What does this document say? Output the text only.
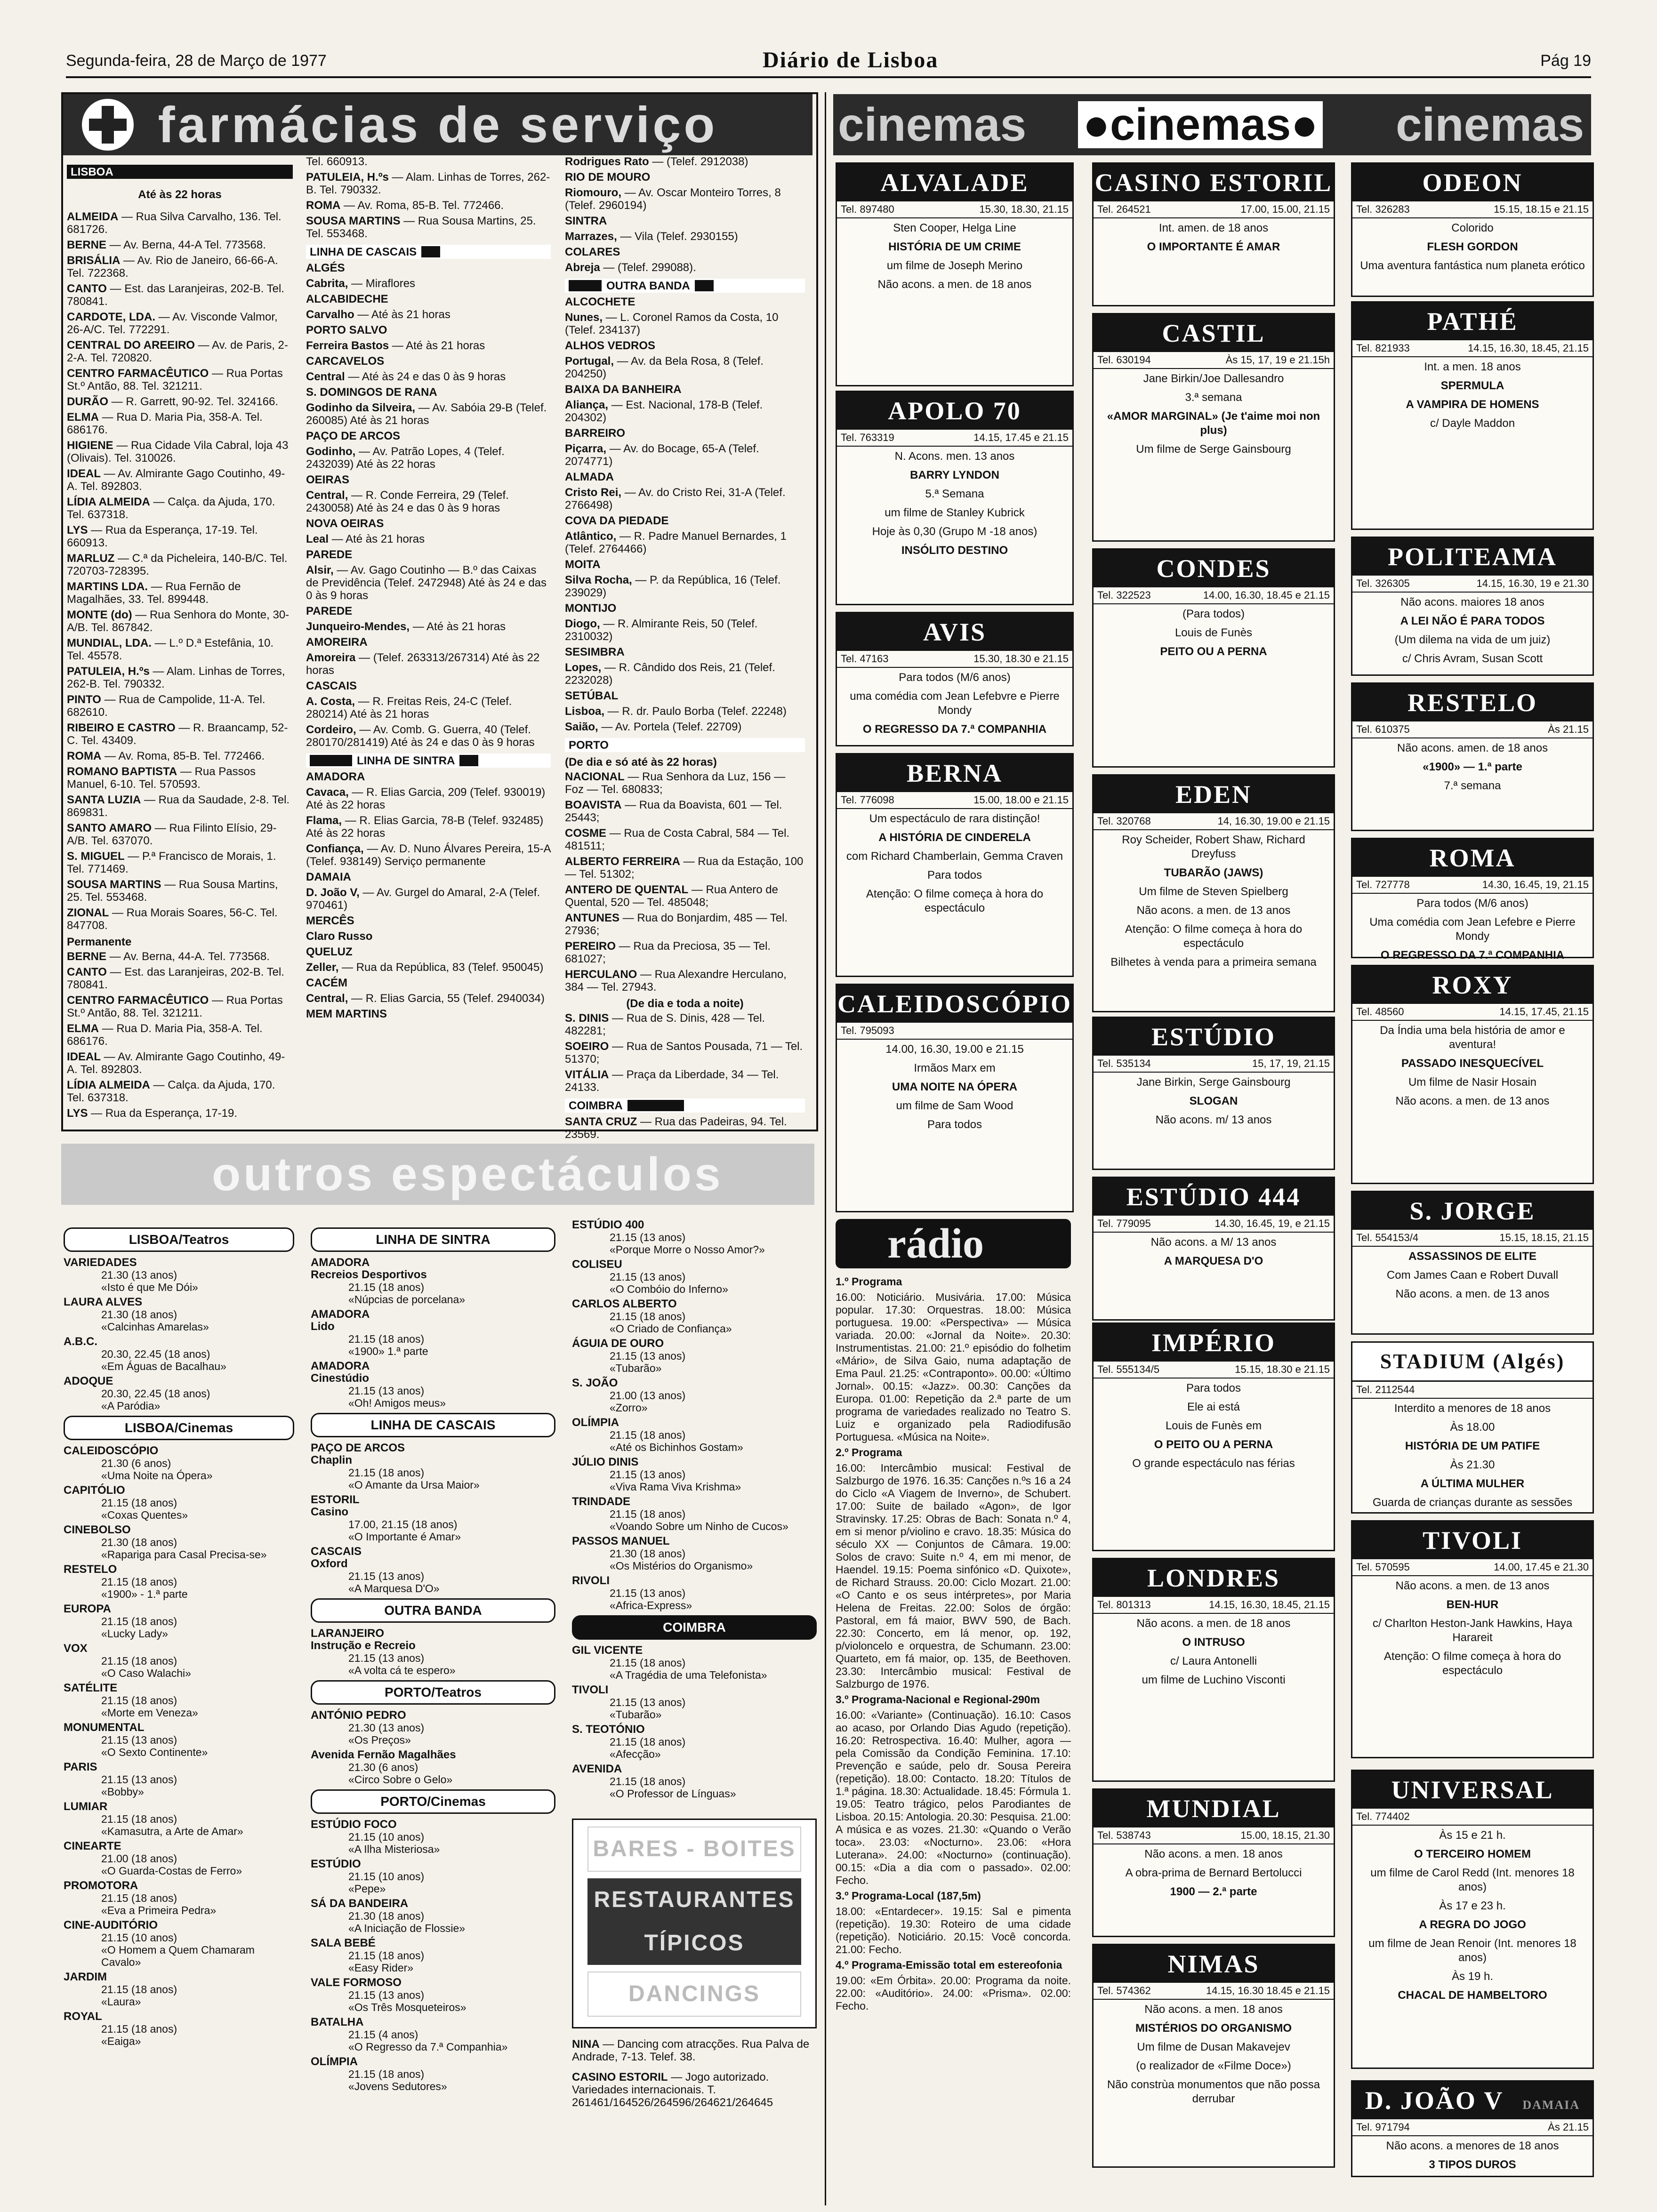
Segunda-feira, 28 de Março de 1977	Diário de Lisboa	Pág 19
farmácias de serviço
LISBOA
Até às 22 horas
ALMEIDA — Rua Silva Carvalho, 136. Tel. 681726.
BERNE — Av. Berna, 44-A Tel. 773568.
BRISÁLIA — Av. Rio de Janeiro, 66-66-A. Tel. 722368.
CANTO — Est. das Laranjeiras, 202-B. Tel. 780841.
CARDOTE, LDA. — Av. Visconde Valmor, 26-A/C. Tel. 772291.
CENTRAL DO AREEIRO — Av. de Paris, 2-2-A. Tel. 720820.
CENTRO FARMACÊUTICO — Rua Portas St.º Antão, 88. Tel. 321211.
DURÃO — R. Garrett, 90-92. Tel. 324166.
ELMA — Rua D. Maria Pia, 358-A. Tel. 686176.
HIGIENE — Rua Cidade Vila Cabral, loja 43 (Olivais). Tel. 310026.
IDEAL — Av. Almirante Gago Coutinho, 49-A. Tel. 892803.
LÍDIA ALMEIDA — Calça. da Ajuda, 170. Tel. 637318.
LYS — Rua da Esperança, 17-19. Tel. 660913.
MARLUZ — C.ª da Picheleira, 140-B/C. Tel. 720703-728395.
MARTINS LDA. — Rua Fernão de Magalhães, 33. Tel. 899448.
MONTE (do) — Rua Senhora do Monte, 30-A/B. Tel. 867842.
MUNDIAL, LDA. — L.º D.ª Estefânia, 10. Tel. 45578.
PATULEIA, H.ºs — Alam. Linhas de Torres, 262-B. Tel. 790332.
PINTO — Rua de Campolide, 11-A. Tel. 682610.
RIBEIRO E CASTRO — R. Braancamp, 52-C. Tel. 43409.
ROMA — Av. Roma, 85-B. Tel. 772466.
ROMANO BAPTISTA — Rua Passos Manuel, 6-10. Tel. 570593.
SANTA LUZIA — Rua da Saudade, 2-8. Tel. 869831.
SANTO AMARO — Rua Filinto Elísio, 29-A/B. Tel. 637070.
S. MIGUEL — P.ª Francisco de Morais, 1. Tel. 771469.
SOUSA MARTINS — Rua Sousa Martins, 25. Tel. 553468.
ZIONAL — Rua Morais Soares, 56-C. Tel. 847708.
Permanente
BERNE — Av. Berna, 44-A. Tel. 773568.
CANTO — Est. das Laranjeiras, 202-B. Tel. 780841.
CENTRO FARMACÊUTICO — Rua Portas St.º Antão, 88. Tel. 321211.
ELMA — Rua D. Maria Pia, 358-A. Tel. 686176.
IDEAL — Av. Almirante Gago Coutinho, 49-A. Tel. 892803.
LÍDIA ALMEIDA — Calça. da Ajuda, 170. Tel. 637318.
LYS — Rua da Esperança, 17-19.
Tel. 660913.
PATULEIA, H.ºs — Alam. Linhas de Torres, 262-B. Tel. 790332.
ROMA — Av. Roma, 85-B. Tel. 772466.
SOUSA MARTINS — Rua Sousa Martins, 25. Tel. 553468.
LINHA DE CASCAIS
ALGÉS
Cabrita, — Miraflores
ALCABIDECHE
Carvalho — Até às 21 horas
PORTO SALVO
Ferreira Bastos — Até às 21 horas
CARCAVELOS
Central — Até às 24 e das 0 às 9 horas
S. DOMINGOS DE RANA
Godinho da Silveira, — Av. Sabóia 29-B (Telef. 260085) Até às 21 horas
PAÇO DE ARCOS
Godinho, — Av. Patrão Lopes, 4 (Telef. 2432039) Até às 22 horas
OEIRAS
Central, — R. Conde Ferreira, 29 (Telef. 2430058) Até às 24 e das 0 às 9 horas
NOVA OEIRAS
Leal — Até às 21 horas
PAREDE
Alsir, — Av. Gago Coutinho — B.º das Caixas de Previdência (Telef. 2472948) Até às 24 e das 0 às 9 horas
PAREDE
Junqueiro-Mendes, — Até às 21 horas
AMOREIRA
Amoreira — (Telef. 263313/267314) Até às 22 horas
CASCAIS
A. Costa, — R. Freitas Reis, 24-C (Telef. 280214) Até às 21 horas
Cordeiro, — Av. Comb. G. Guerra, 40 (Telef. 280170/281419) Até às 24 e das 0 às 9 horas
LINHA DE SINTRA
AMADORA
Cavaca, — R. Elias Garcia, 209 (Telef. 930019) Até às 22 horas
Flama, — R. Elias Garcia, 78-B (Telef. 932485) Até às 22 horas
Confiança, — Av. D. Nuno Álvares Pereira, 15-A (Telef. 938149) Serviço permanente
DAMAIA
D. João V, — Av. Gurgel do Amaral, 2-A (Telef. 970461)
MERCÊS
Claro Russo
QUELUZ
Zeller, — Rua da República, 83 (Telef. 950045)
CACÉM
Central, — R. Elias Garcia, 55 (Telef. 2940034)
MEM MARTINS
Rodrigues Rato — (Telef. 2912038)
RIO DE MOURO
Riomouro, — Av. Oscar Monteiro Torres, 8 (Telef. 2960194)
SINTRA
Marrazes, — Vila (Telef. 2930155)
COLARES
Abreja — (Telef. 299088).
OUTRA BANDA
ALCOCHETE
Nunes, — L. Coronel Ramos da Costa, 10 (Telef. 234137)
ALHOS VEDROS
Portugal, — Av. da Bela Rosa, 8 (Telef. 204250)
BAIXA DA BANHEIRA
Aliança, — Est. Nacional, 178-B (Telef. 204302)
BARREIRO
Piçarra, — Av. do Bocage, 65-A (Telef. 2074771)
ALMADA
Cristo Rei, — Av. do Cristo Rei, 31-A (Telef. 2766498)
COVA DA PIEDADE
Atlântico, — R. Padre Manuel Bernardes, 1 (Telef. 2764466)
MOITA
Silva Rocha, — P. da República, 16 (Telef. 239029)
MONTIJO
Diogo, — R. Almirante Reis, 50 (Telef. 2310032)
SESIMBRA
Lopes, — R. Cândido dos Reis, 21 (Telef. 2232028)
SETÚBAL
Lisboa, — R. dr. Paulo Borba (Telef. 22248)
Saião, — Av. Portela (Telef. 22709)
PORTO
(De dia e só até às 22 horas)
NACIONAL — Rua Senhora da Luz, 156 — Foz — Tel. 680833;
BOAVISTA — Rua da Boavista, 601 — Tel. 25443;
COSME — Rua de Costa Cabral, 584 — Tel. 481511;
ALBERTO FERREIRA — Rua da Estação, 100 — Tel. 51302;
ANTERO DE QUENTAL — Rua Antero de Quental, 520 — Tel. 485048;
ANTUNES — Rua do Bonjardim, 485 — Tel. 27936;
PEREIRO — Rua da Preciosa, 35 — Tel. 681027;
HERCULANO — Rua Alexandre Herculano, 384 — Tel. 27943.
(De dia e toda a noite)
S. DINIS — Rua de S. Dinis, 428 — Tel. 482281;
SOEIRO — Rua de Santos Pousada, 71 — Tel. 51370;
VITÁLIA — Praça da Liberdade, 34 — Tel. 24133.
COIMBRA
SANTA CRUZ — Rua das Padeiras, 94. Tel. 23569.
outros espectáculos
LISBOA/Teatros
VARIEDADES
21.30 (13 anos)
«Isto é que Me Dói»
LAURA ALVES
21.30 (18 anos)
«Calcinhas Amarelas»
A.B.C.
20.30, 22.45 (18 anos)
«Em Águas de Bacalhau»
ADOQUE
20.30, 22.45 (18 anos)
«A Paródia»
LISBOA/Cinemas
CALEIDOSCÓPIO
21.30 (6 anos)
«Uma Noite na Ópera»
CAPITÓLIO
21.15 (18 anos)
«Coxas Quentes»
CINEBOLSO
21.30 (18 anos)
«Rapariga para Casal Precisa-se»
RESTELO
21.15 (18 anos)
«1900» - 1.ª parte
EUROPA
21.15 (18 anos)
«Lucky Lady»
VOX
21.15 (18 anos)
«O Caso Walachi»
SATÉLITE
21.15 (18 anos)
«Morte em Veneza»
MONUMENTAL
21.15 (13 anos)
«O Sexto Continente»
PARIS
21.15 (13 anos)
«Bobby»
LUMIAR
21.15 (18 anos)
«Kamasutra, a Arte de Amar»
CINEARTE
21.00 (18 anos)
«O Guarda-Costas de Ferro»
PROMOTORA
21.15 (18 anos)
«Eva a Primeira Pedra»
CINE-AUDITÓRIO
21.15 (10 anos)
«O Homem a Quem Chamaram Cavalo»
JARDIM
21.15 (18 anos)
«Laura»
ROYAL
21.15 (18 anos)
«Eaiga»
LINHA DE SINTRA
AMADORA
Recreios Desportivos
21.15 (18 anos)
«Núpcias de porcelana»
AMADORA
Lido
21.15 (18 anos)
«1900» 1.ª parte
AMADORA
Cinestúdio
21.15 (13 anos)
«Oh! Amigos meus»
LINHA DE CASCAIS
PAÇO DE ARCOS
Chaplin
21.15 (18 anos)
«O Amante da Ursa Maior»
ESTORIL
Casino
17.00, 21.15 (18 anos)
«O Importante é Amar»
CASCAIS
Oxford
21.15 (13 anos)
«A Marquesa D'O»
OUTRA BANDA
LARANJEIRO
Instrução e Recreio
21.15 (13 anos)
«A volta cá te espero»
PORTO/Teatros
ANTÓNIO PEDRO
21.30 (13 anos)
«Os Preços»
Avenida Fernão Magalhães
21.30 (6 anos)
«Circo Sobre o Gelo»
PORTO/Cinemas
ESTÚDIO FOCO
21.15 (10 anos)
«A Ilha Misteriosa»
ESTÚDIO
21.15 (10 anos)
«Pepe»
SÁ DA BANDEIRA
21.30 (18 anos)
«A Iniciação de Flossie»
SALA BEBÉ
21.15 (18 anos)
«Easy Rider»
VALE FORMOSO
21.15 (13 anos)
«Os Três Mosqueteiros»
BATALHA
21.15 (4 anos)
«O Regresso da 7.ª Companhia»
OLÍMPIA
21.15 (18 anos)
«Jovens Sedutores»
ESTÚDIO 400
21.15 (13 anos)
«Porque Morre o Nosso Amor?»
COLISEU
21.15 (13 anos)
«O Combóio do Inferno»
CARLOS ALBERTO
21.15 (18 anos)
«O Criado de Confiança»
ÁGUIA DE OURO
21.15 (13 anos)
«Tubarão»
S. JOÃO
21.00 (13 anos)
«Zorro»
OLÍMPIA
21.15 (18 anos)
«Até os Bichinhos Gostam»
JÚLIO DINIS
21.15 (13 anos)
«Viva Rama Viva Krishma»
TRINDADE
21.15 (18 anos)
«Voando Sobre um Ninho de Cucos»
PASSOS MANUEL
21.30 (18 anos)
«Os Mistérios do Organismo»
RIVOLI
21.15 (13 anos)
«Africa-Express»
COIMBRA
GIL VICENTE
21.15 (18 anos)
«A Tragédia de uma Telefonista»
TIVOLI
21.15 (13 anos)
«Tubarão»
S. TEOTÓNIO
21.15 (18 anos)
«Afecção»
AVENIDA
21.15 (18 anos)
«O Professor de Línguas»
BARES - BOITES
RESTAURANTES
TÍPICOS
DANCINGS
NINA — Dancing com atracções. Rua Palva de Andrade, 7-13. Telef. 38.
CASINO ESTORIL — Jogo autorizado. Variedades internacionais. T. 261461/164526/264596/264621/264645
cinemas ●cinemas● cinemas
ALVALADE
Tel. 897480	15.30, 18.30, 21.15
Sten Cooper, Helga Line
HISTÓRIA DE UM CRIME
um filme de Joseph Merino
Não acons. a men. de 18 anos
APOLO 70
Tel. 763319	14.15, 17.45 e 21.15
N. Acons. men. 13 anos
BARRY LYNDON
5.ª Semana
um filme de Stanley Kubrick
Hoje às 0,30 (Grupo M -18 anos)
INSÓLITO DESTINO
AVIS
Tel. 47163	15.30, 18.30 e 21.15
Para todos (M/6 anos)
uma comédia com Jean Lefebvre e Pierre Mondy
O REGRESSO DA 7.ª COMPANHIA
BERNA
Tel. 776098	15.00, 18.00 e 21.15
Um espectáculo de rara distinção!
A HISTÓRIA DE CINDERELA
com Richard Chamberlain, Gemma Craven
Para todos
Atenção: O filme começa à hora do espectáculo
CALEIDOSCÓPIO
Tel. 795093
14.00, 16.30, 19.00 e 21.15
Irmãos Marx em
UMA NOITE NA ÓPERA
um filme de Sam Wood
Para todos
CASINO ESTORIL
Tel. 264521	17.00, 15.00, 21.15
Int. amen. de 18 anos
O IMPORTANTE É AMAR
CASTIL
Tel. 630194	Às 15, 17, 19 e 21.15h
Jane Birkin/Joe Dallesandro
3.ª semana
«AMOR MARGINAL» (Je t'aime moi non plus)
Um filme de Serge Gainsbourg
CONDES
Tel. 322523	14.00, 16.30, 18.45 e 21.15
(Para todos)
Louis de Funès
PEITO OU A PERNA
EDEN
Tel. 320768	14, 16.30, 19.00 e 21.15
Roy Scheider, Robert Shaw, Richard Dreyfuss
TUBARÃO (JAWS)
Um filme de Steven Spielberg
Não acons. a men. de 13 anos
Atenção: O filme começa à hora do espectáculo
Bilhetes à venda para a primeira semana
ESTÚDIO
Tel. 535134	15, 17, 19, 21.15
Jane Birkin, Serge Gainsbourg
SLOGAN
Não acons. m/ 13 anos
ESTÚDIO 444
Tel. 779095	14.30, 16.45, 19, e 21.15
Não acons. a M/ 13 anos
A MARQUESA D'O
IMPÉRIO
Tel. 555134/5	15.15, 18.30 e 21.15
Para todos
Ele ai está
Louis de Funès em
O PEITO OU A PERNA
O grande espectáculo nas férias
LONDRES
Tel. 801313	14.15, 16.30, 18.45, 21.15
Não acons. a men. de 18 anos
O INTRUSO
c/ Laura Antonelli
um filme de Luchino Visconti
MUNDIAL
Tel. 538743	15.00, 18.15, 21.30
Não acons. a men. 18 anos
A obra-prima de Bernard Bertolucci
1900 — 2.ª parte
NIMAS
Tel. 574362	14.15, 16.30 18.45 e 21.15
Não acons. a men. 18 anos
MISTÉRIOS DO ORGANISMO
Um filme de Dusan Makavejev
(o realizador de «Filme Doce»)
Não constrùa monumentos que não possa derrubar
ODEON
Tel. 326283	15.15, 18.15 e 21.15
Colorido
FLESH GORDON
Uma aventura fantástica num planeta erótico
PATHÉ
Tel. 821933	14.15, 16.30, 18.45, 21.15
Int. a men. 18 anos
SPERMULA
A VAMPIRA DE HOMENS
c/ Dayle Maddon
POLITEAMA
Tel. 326305	14.15, 16.30, 19 e 21.30
Não acons. maiores 18 anos
A LEI NÃO É PARA TODOS
(Um dilema na vida de um juiz)
c/ Chris Avram, Susan Scott
RESTELO
Tel. 610375	Às 21.15
Não acons. amen. de 18 anos
«1900» — 1.ª parte
7.ª semana
ROMA
Tel. 727778	14.30, 16.45, 19, 21.15
Para todos (M/6 anos)
Uma comédia com Jean Lefebre e Pierre Mondy
O REGRESSO DA 7.ª COMPANHIA
ROXY
Tel. 48560	14.15, 17.45, 21.15
Da Índia uma bela história de amor e aventura!
PASSADO INESQUECÍVEL
Um filme de Nasir Hosain
Não acons. a men. de 13 anos
S. JORGE
Tel. 554153/4	15.15, 18.15, 21.15
ASSASSINOS DE ELITE
Com James Caan e Robert Duvall
Não acons. a men. de 13 anos
STADIUM (Algés)
Tel. 2112544
Interdito a menores de 18 anos
Às 18.00
HISTÓRIA DE UM PATIFE
Às 21.30
A ÚLTIMA MULHER
Guarda de crianças durante as sessões
TIVOLI
Tel. 570595	14.00, 17.45 e 21.30
Não acons. a men. de 13 anos
BEN-HUR
c/ Charlton Heston-Jank Hawkins, Haya Harareit
Atenção: O filme começa à hora do espectáculo
UNIVERSAL
Tel. 774402
Às 15 e 21 h.
O TERCEIRO HOMEM
um filme de Carol Redd (Int. menores 18 anos)
Às 17 e 23 h.
A REGRA DO JOGO
um filme de Jean Renoir (Int. menores 18 anos)
Às 19 h.
CHACAL DE HAMBELTORO
D. JOÃO V DAMAIA
Tel. 971794	Às 21.15
Não acons. a menores de 18 anos
3 TIPOS DUROS
rádio
1.º Programa
16.00: Noticiário. Musivária. 17.00: Música popular. 17.30: Orquestras. 18.00: Música portuguesa. 19.00: «Perspectiva» — Música variada. 20.00: «Jornal da Noite». 20.30: Instrumentistas. 21.00: 21.º episódio do folhetim «Mário», de Silva Gaio, numa adaptação de Ema Paul. 21.25: «Contraponto». 00.00: «Último Jornal». 00.15: «Jazz». 00.30: Canções da Europa. 01.00: Repetição da 2.ª parte de um programa de variedades realizado no Teatro S. Luiz e organizado pela Radiodifusão Portuguesa. «Música na Noite».
2.º Programa
16.00: Intercâmbio musical: Festival de Salzburgo de 1976. 16.35: Canções n.ºs 16 a 24 do Ciclo «A Viagem de Inverno», de Schubert. 17.00: Suite de bailado «Agon», de Igor Stravinsky. 17.25: Obras de Bach: Sonata n.º 4, em si menor p/violino e cravo. 18.35: Música do século XX — Conjuntos de Câmara. 19.00: Solos de cravo: Suite n.º 4, em mi menor, de Haendel. 19.15: Poema sinfónico «D. Quixote», de Richard Strauss. 20.00: Ciclo Mozart. 21.00: «O Canto e os seus intérpretes», por Maria Helena de Freitas. 22.00: Solos de órgão: Pastoral, em fá maior, BWV 590, de Bach. 22.30: Concerto, em lá menor, op. 192, p/violoncelo e orquestra, de Schumann. 23.00: Quarteto, em fá maior, op. 135, de Beethoven. 23.30: Intercâmbio musical: Festival de Salzburgo de 1976.
3.º Programa-Nacional e Regional-290m
16.00: «Variante» (Continuação). 16.10: Casos ao acaso, por Orlando Dias Agudo (repetição). 16.20: Retrospectiva. 16.40: Mulher, agora — pela Comissão da Condição Feminina. 17.10: Prevenção e saúde, pelo dr. Sousa Pereira (repetição). 18.00: Contacto. 18.20: Títulos de 1.ª página. 18.30: Actualidade. 18.45: Fórmula 1. 19.05: Teatro trágico, pelos Parodiantes de Lisboa. 20.15: Antologia. 20.30: Pesquisa. 21.00: A música e as vozes. 21.30: «Quando o Verão toca». 23.03: «Nocturno». 23.06: «Hora Luterana». 24.00: «Nocturno» (continuação). 00.15: «Dia a dia com o passado». 02.00: Fecho.
3.º Programa-Local (187,5m)
18.00: «Entardecer». 19.15: Sal e pimenta (repetição). 19.30: Roteiro de uma cidade (repetição). Noticiário. 20.15: Você concorda. 21.00: Fecho.
4.º Programa-Emissão total em estereofonia
19.00: «Em Órbita». 20.00: Programa da noite. 22.00: «Auditório». 24.00: «Prisma». 02.00: Fecho.
